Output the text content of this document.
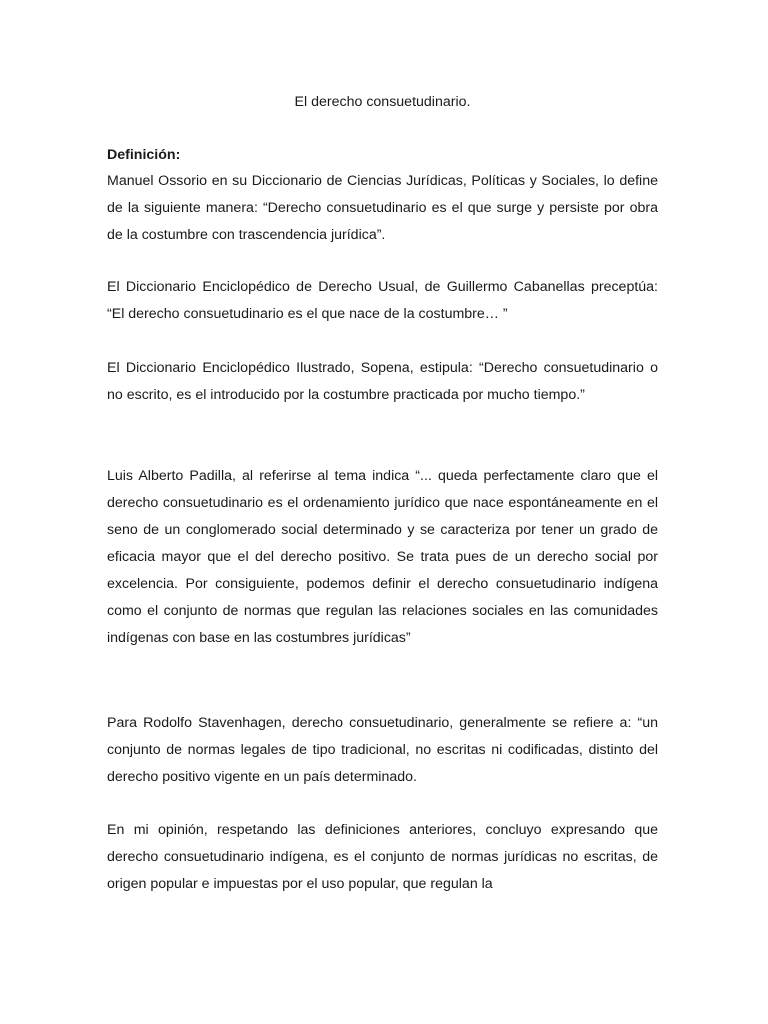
El derecho consuetudinario.
Definición:

Manuel Ossorio en su Diccionario de Ciencias Jurídicas, Políticas y Sociales, lo define de la siguiente manera: “Derecho consuetudinario es el que surge y persiste por obra de la costumbre con trascendencia jurídica”.

El Diccionario Enciclopédico de Derecho Usual, de Guillermo Cabanellas preceptúa: “El derecho consuetudinario es el que nace de la costumbre… ”

El Diccionario Enciclopédico Ilustrado, Sopena, estipula: “Derecho consuetudinario o no escrito, es el introducido por la costumbre practicada por mucho tiempo.”

Luis Alberto Padilla, al referirse al tema indica “... queda perfectamente claro que el derecho consuetudinario es el ordenamiento jurídico que nace espontáneamente en el seno de un conglomerado social determinado y se caracteriza por tener un grado de eficacia mayor que el del derecho positivo. Se trata pues de un derecho social por excelencia. Por consiguiente, podemos definir el derecho consuetudinario indígena como el conjunto de normas que regulan las relaciones sociales en las comunidades indígenas con base en las costumbres jurídicas”

Para Rodolfo Stavenhagen, derecho consuetudinario, generalmente se refiere a: “un conjunto de normas legales de tipo tradicional, no escritas ni codificadas, distinto del derecho positivo vigente en un país determinado.

En mi opinión, respetando las definiciones anteriores, concluyo expresando que derecho consuetudinario indígena, es el conjunto de normas jurídicas no escritas, de origen popular e impuestas por el uso popular, que regulan la
